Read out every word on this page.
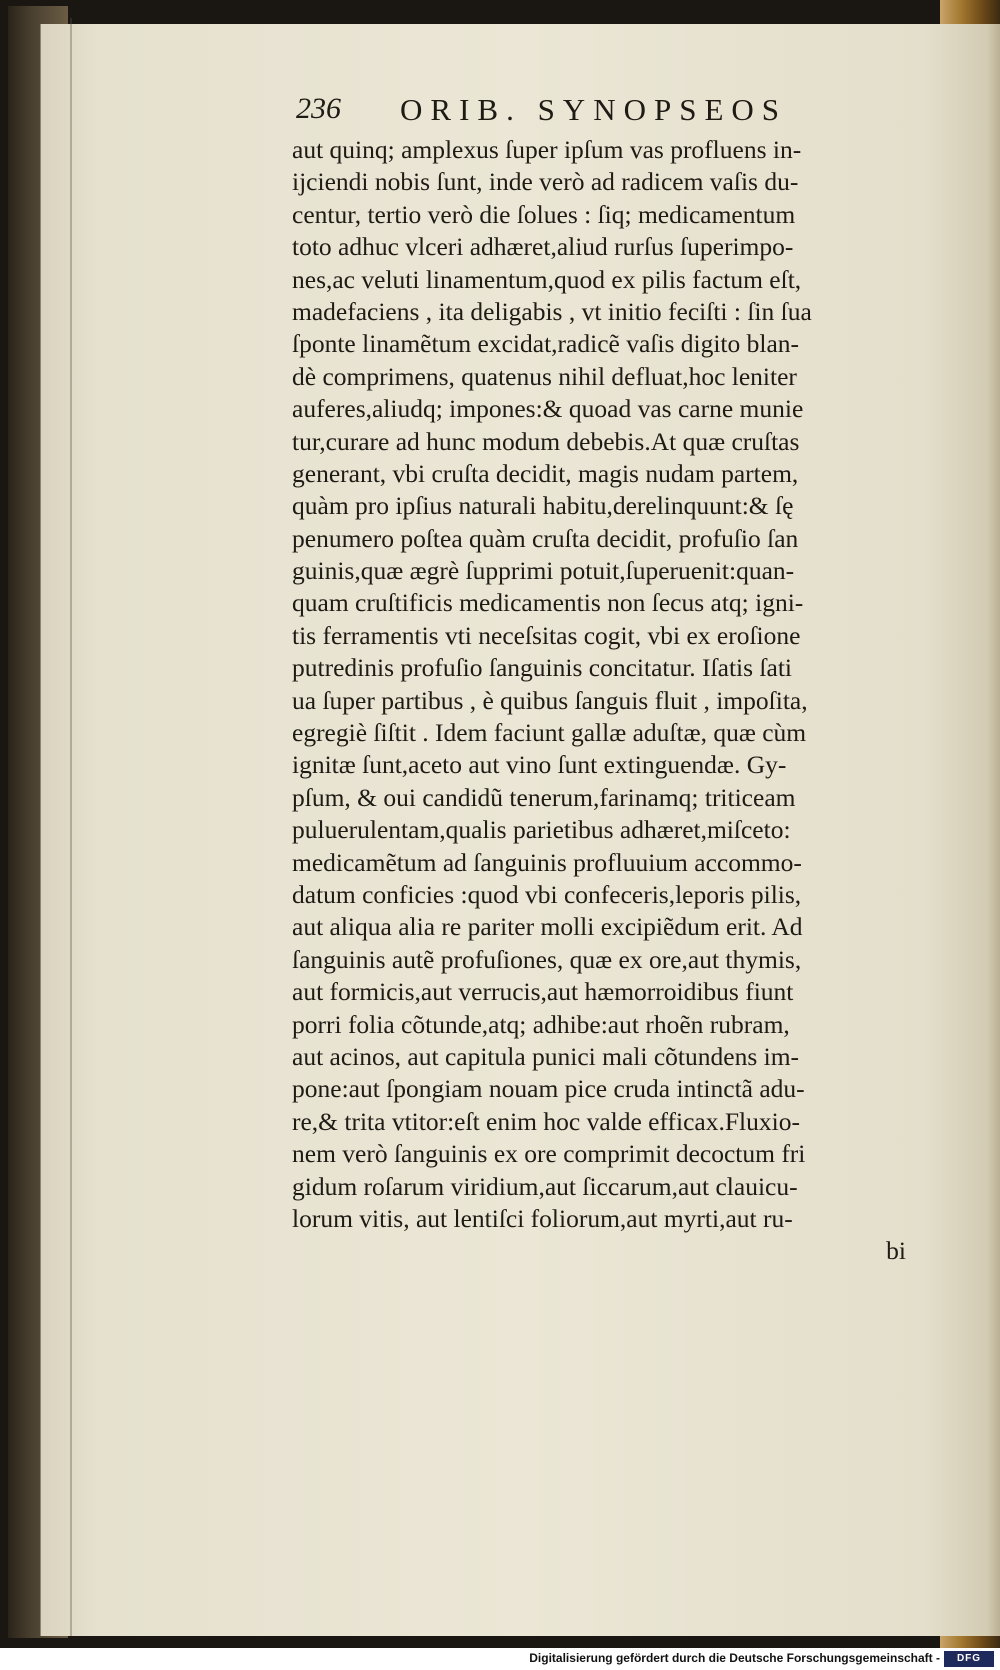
236 ORIB. SYNOPSEOS
aut quinq; amplexus ſuper ipſum vas profluens in-
ijciendi nobis ſunt, inde verò ad radicem vaſis du-
centur, tertio verò die ſolues : ſiq; medicamentum
toto adhuc vlceri adhæret,aliud rurſus ſuperimpo-
nes,ac veluti linamentum,quod ex pilis factum eſt,
madefaciens , ita deligabis , vt initio feciſti : ſin ſua
ſponte linamẽtum excidat,radicẽ vaſis digito blan-
dè comprimens, quatenus nihil defluat,hoc leniter
auferes,aliudq; impones:& quoad vas carne munie
tur,curare ad hunc modum debebis.At quæ cruſtas
generant, vbi cruſta decidit, magis nudam partem,
quàm pro ipſius naturali habitu,derelinquunt:& ſę
penumero poſtea quàm cruſta decidit, profuſio ſan
guinis,quæ ægrè ſupprimi potuit,ſuperuenit:quan-
quam cruſtificis medicamentis non ſecus atq; igni-
tis ferramentis vti neceſsitas cogit, vbi ex eroſione
putredinis profuſio ſanguinis concitatur. Iſatis ſati
ua ſuper partibus , è quibus ſanguis fluit , impoſita,
egregiè ſiſtit . Idem faciunt gallæ aduſtæ, quæ cùm
ignitæ ſunt,aceto aut vino ſunt extinguendæ. Gy-
pſum, & oui candidũ tenerum,farinamq; triticeam
puluerulentam,qualis parietibus adhæret,miſceto:
medicamẽtum ad ſanguinis profluuium accommo-
datum conficies :quod vbi confeceris,leporis pilis,
aut aliqua alia re pariter molli excipiẽdum erit. Ad
ſanguinis autẽ profuſiones, quæ ex ore,aut thymis,
aut formicis,aut verrucis,aut hæmorroidibus fiunt
porri folia cõtunde,atq; adhibe:aut rhoẽn rubram,
aut acinos, aut capitula punici mali cõtundens im-
pone:aut ſpongiam nouam pice cruda intinctã adu-
re,& trita vtitor:eſt enim hoc valde efficax.Fluxio-
nem verò ſanguinis ex ore comprimit decoctum fri
gidum roſarum viridium,aut ſiccarum,aut clauicu-
lorum vitis, aut lentiſci foliorum,aut myrti,aut ru-
bi
Digitalisierung gefördert durch die Deutsche Forschungsgemeinschaft -	DFG
